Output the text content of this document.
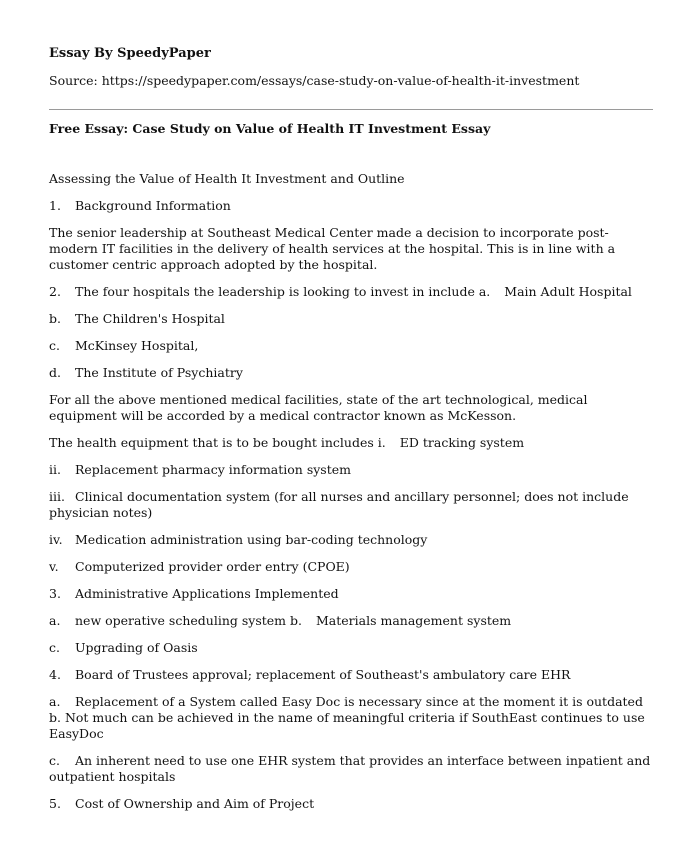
Essay By SpeedyPaper
Source: https://speedypaper.com/essays/case-study-on-value-of-health-it-investment
Free Essay: Case Study on Value of Health IT Investment Essay

Assessing the Value of Health It Investment and Outline

1. Background Information

The senior leadership at Southeast Medical Center made a decision to incorporate post-modern IT facilities in the delivery of health services at the hospital. This is in line with a customer centric approach adopted by the hospital.

2. The four hospitals the leadership is looking to invest in include a. Main Adult Hospital

b. The Children's Hospital

c. McKinsey Hospital,

d. The Institute of Psychiatry

For all the above mentioned medical facilities, state of the art technological, medical equipment will be accorded by a medical contractor known as McKesson.

The health equipment that is to be bought includes i. ED tracking system

ii. Replacement pharmacy information system

iii. Clinical documentation system (for all nurses and ancillary personnel; does not include physician notes)

iv. Medication administration using bar-coding technology

v. Computerized provider order entry (CPOE)

3. Administrative Applications Implemented

a. new operative scheduling system b. Materials management system

c. Upgrading of Oasis

4. Board of Trustees approval; replacement of Southeast's ambulatory care EHR

a. Replacement of a System called Easy Doc is necessary since at the moment it is outdated b. Not much can be achieved in the name of meaningful criteria if SouthEast continues to use EasyDoc

c. An inherent need to use one EHR system that provides an interface between inpatient and outpatient hospitals

5. Cost of Ownership and Aim of Project
